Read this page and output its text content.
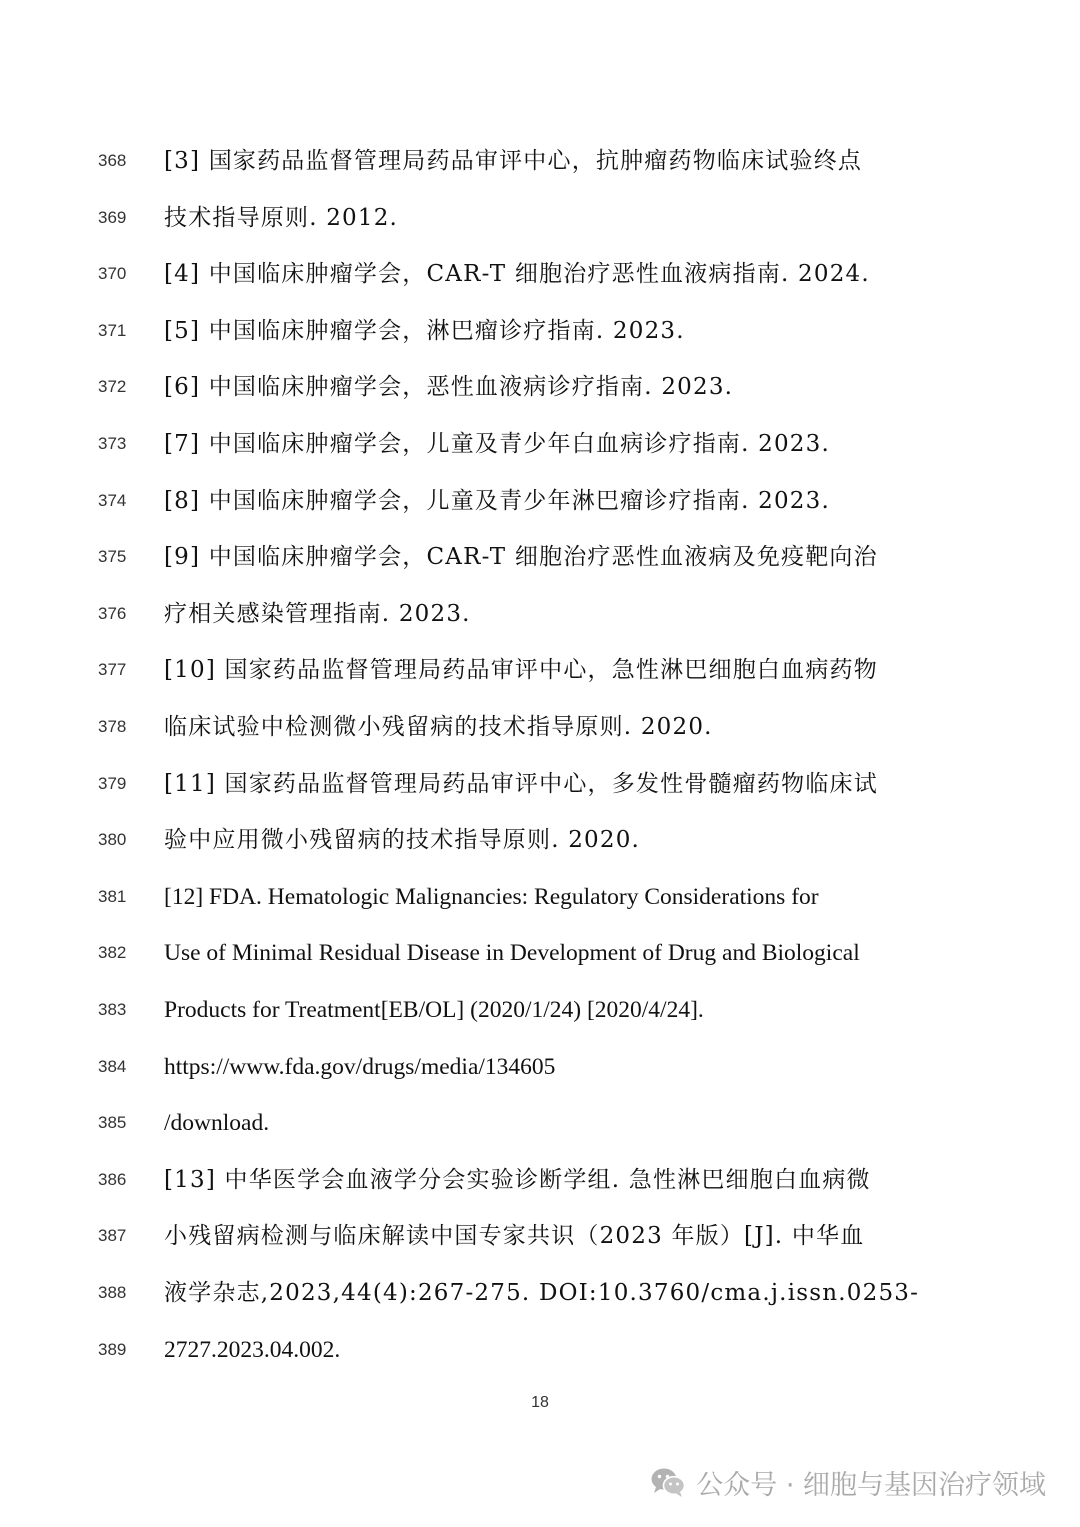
368	[3] 国家药品监督管理局药品审评中心，抗肿瘤药物临床试验终点
369	技术指导原则. 2012.
370	[4] 中国临床肿瘤学会，CAR-T 细胞治疗恶性血液病指南. 2024.
371	[5] 中国临床肿瘤学会，淋巴瘤诊疗指南. 2023.
372	[6] 中国临床肿瘤学会，恶性血液病诊疗指南. 2023.
373	[7] 中国临床肿瘤学会，儿童及青少年白血病诊疗指南. 2023.
374	[8] 中国临床肿瘤学会，儿童及青少年淋巴瘤诊疗指南. 2023.
375	[9] 中国临床肿瘤学会，CAR-T 细胞治疗恶性血液病及免疫靶向治
376	疗相关感染管理指南. 2023.
377	[10] 国家药品监督管理局药品审评中心，急性淋巴细胞白血病药物
378	临床试验中检测微小残留病的技术指导原则. 2020.
379	[11] 国家药品监督管理局药品审评中心，多发性骨髓瘤药物临床试
380	验中应用微小残留病的技术指导原则. 2020.
381	[12] FDA. Hematologic Malignancies: Regulatory Considerations for
382	Use of Minimal Residual Disease in Development of Drug and Biological
383	Products for Treatment[EB/OL] (2020/1/24) [2020/4/24].
384	https://www.fda.gov/drugs/media/134605
385	/download.
386	[13] 中华医学会血液学分会实验诊断学组. 急性淋巴细胞白血病微
387	小残留病检测与临床解读中国专家共识（2023 年版）[J]. 中华血
388	液学杂志,2023,44(4):267-275. DOI:10.3760/cma.j.issn.0253-
389	2727.2023.04.002.
18
公众号 · 细胞与基因治疗领域
